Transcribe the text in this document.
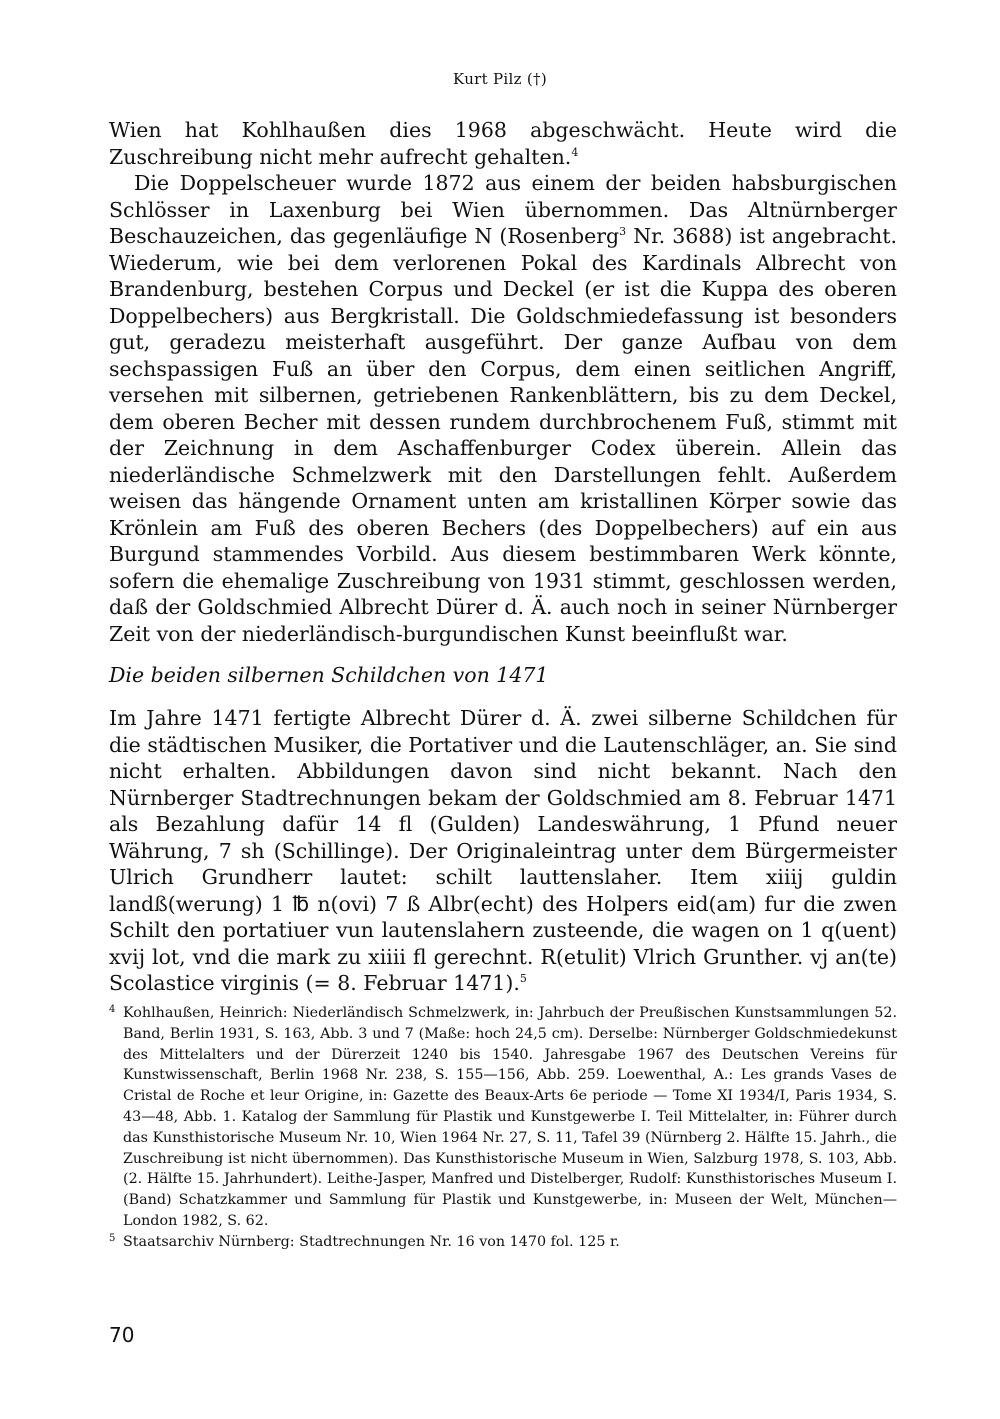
Kurt Pilz (†)

Wien hat Kohlhaußen dies 1968 abgeschwächt. Heute wird die Zuschreibung nicht mehr aufrecht gehalten.$^4$

Die Doppelscheuer wurde 1872 aus einem der beiden habsburgischen Schlösser in Laxenburg bei Wien übernommen. Das Altnürnberger Beschauzeichen, das gegenläufige N (Rosenberg$^3$ Nr. 3688) ist angebracht. Wiederum, wie bei dem verlorenen Pokal des Kardinals Albrecht von Brandenburg, bestehen Corpus und Deckel (er ist die Kuppa des oberen Doppelbechers) aus Bergkristall. Die Goldschmiedefassung ist besonders gut, geradezu meisterhaft ausgeführt. Der ganze Aufbau von dem sechspassigen Fuß an über den Corpus, dem einen seitlichen Angriff, versehen mit silbernen, getriebenen Rankenblättern, bis zu dem Deckel, dem oberen Becher mit dessen rundem durchbrochenem Fuß, stimmt mit der Zeichnung in dem Aschaffenburger Codex überein. Allein das niederländische Schmelzwerk mit den Darstellungen fehlt. Außerdem weisen das hängende Ornament unten am kristallinen Körper sowie das Krönlein am Fuß des oberen Bechers (des Doppelbechers) auf ein aus Burgund stammendes Vorbild. Aus diesem bestimmbaren Werk könnte, sofern die ehemalige Zuschreibung von 1931 stimmt, geschlossen werden, daß der Goldschmied Albrecht Dürer d. Ä. auch noch in seiner Nürnberger Zeit von der niederländisch-burgundischen Kunst beeinflußt war.

Die beiden silbernen Schildchen von 1471

Im Jahre 1471 fertigte Albrecht Dürer d. Ä. zwei silberne Schildchen für die städtischen Musiker, die Portativer und die Lautenschläger, an. Sie sind nicht erhalten. Abbildungen davon sind nicht bekannt. Nach den Nürnberger Stadtrechnungen bekam der Goldschmied am 8. Februar 1471 als Bezahlung dafür 14 fl (Gulden) Landeswährung, 1 Pfund neuer Währung, 7 sh (Schillinge). Der Originaleintrag unter dem Bürgermeister Ulrich Grundherr lautet: schilt lauttenslaher. Item xiiij guldin landß(werung) 1 ℔ n(ovi) 7 ß Albr(echt) des Holpers eid(am) fur die zwen Schilt den portatiuer vun lautenslahern zusteende, die wagen on 1 q(uent) xvij lot, vnd die mark zu xiiii fl gerechnt. R(etulit) Vlrich Grunther. vj an(te) Scolastice virginis (= 8. Februar 1471).$^5$

4 Kohlhaußen, Heinrich: Niederländisch Schmelzwerk, in: Jahrbuch der Preußischen Kunstsammlungen 52. Band, Berlin 1931, S. 163, Abb. 3 und 7 (Maße: hoch 24,5 cm). Derselbe: Nürnberger Goldschmiedekunst des Mittelalters und der Dürerzeit 1240 bis 1540. Jahresgabe 1967 des Deutschen Vereins für Kunstwissenschaft, Berlin 1968 Nr. 238, S. 155—156, Abb. 259. Loewenthal, A.: Les grands Vases de Cristal de Roche et leur Origine, in: Gazette des Beaux-Arts 6e periode — Tome XI 1934/I, Paris 1934, S. 43—48, Abb. 1. Katalog der Sammlung für Plastik und Kunstgewerbe I. Teil Mittelalter, in: Führer durch das Kunsthistorische Museum Nr. 10, Wien 1964 Nr. 27, S. 11, Tafel 39 (Nürnberg 2. Hälfte 15. Jahrh., die Zuschreibung ist nicht übernommen). Das Kunsthistorische Museum in Wien, Salzburg 1978, S. 103, Abb. (2. Hälfte 15. Jahrhundert). Leithe-Jasper, Manfred und Distelberger, Rudolf: Kunsthistorisches Museum I. (Band) Schatzkammer und Sammlung für Plastik und Kunstgewerbe, in: Museen der Welt, München—London 1982, S. 62.

5 Staatsarchiv Nürnberg: Stadtrechnungen Nr. 16 von 1470 fol. 125 r.

70
